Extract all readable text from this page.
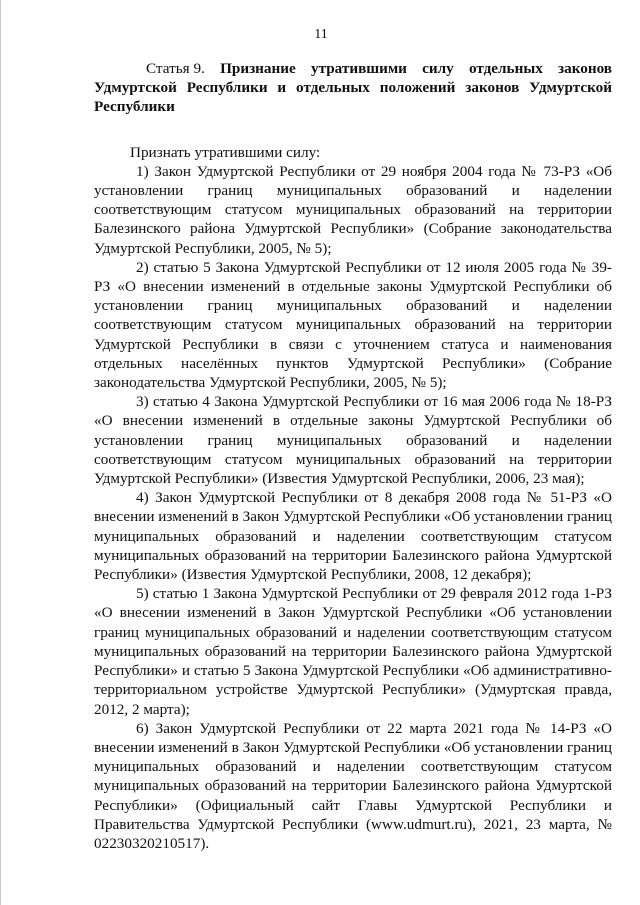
11

Статья 9. Признание утратившими силу отдельных законов Удмуртской Республики и отдельных положений законов Удмуртской Республики

Признать утратившими силу:

1) Закон Удмуртской Республики от 29 ноября 2004 года № 73-РЗ «Об установлении границ муниципальных образований и наделении соответствующим статусом муниципальных образований на территории Балезинского района Удмуртской Республики» (Собрание законодательства Удмуртской Республики, 2005, № 5);

2) статью 5 Закона Удмуртской Республики от 12 июля 2005 года № 39-РЗ «О внесении изменений в отдельные законы Удмуртской Республики об установлении границ муниципальных образований и наделении соответствующим статусом муниципальных образований на территории Удмуртской Республики в связи с уточнением статуса и наименования отдельных населённых пунктов Удмуртской Республики» (Собрание законодательства Удмуртской Республики, 2005, № 5);

3) статью 4 Закона Удмуртской Республики от 16 мая 2006 года № 18-РЗ «О внесении изменений в отдельные законы Удмуртской Республики об установлении границ муниципальных образований и наделении соответствующим статусом муниципальных образований на территории Удмуртской Республики» (Известия Удмуртской Республики, 2006, 23 мая);

4) Закон Удмуртской Республики от 8 декабря 2008 года № 51-РЗ «О внесении изменений в Закон Удмуртской Республики «Об установлении границ муниципальных образований и наделении соответствующим статусом муниципальных образований на территории Балезинского района Удмуртской Республики» (Известия Удмуртской Республики, 2008, 12 декабря);

5) статью 1 Закона Удмуртской Республики от 29 февраля 2012 года 1-РЗ «О внесении изменений в Закон Удмуртской Республики «Об установлении границ муниципальных образований и наделении соответствующим статусом муниципальных образований на территории Балезинского района Удмуртской Республики» и статью 5 Закона Удмуртской Республики «Об административно-территориальном устройстве Удмуртской Республики» (Удмуртская правда, 2012, 2 марта);

6) Закон Удмуртской Республики от 22 марта 2021 года № 14-РЗ «О внесении изменений в Закон Удмуртской Республики «Об установлении границ муниципальных образований и наделении соответствующим статусом муниципальных образований на территории Балезинского района Удмуртской Республики» (Официальный сайт Главы Удмуртской Республики и Правительства Удмуртской Республики (www.udmurt.ru), 2021, 23 марта, № 02230320210517).
